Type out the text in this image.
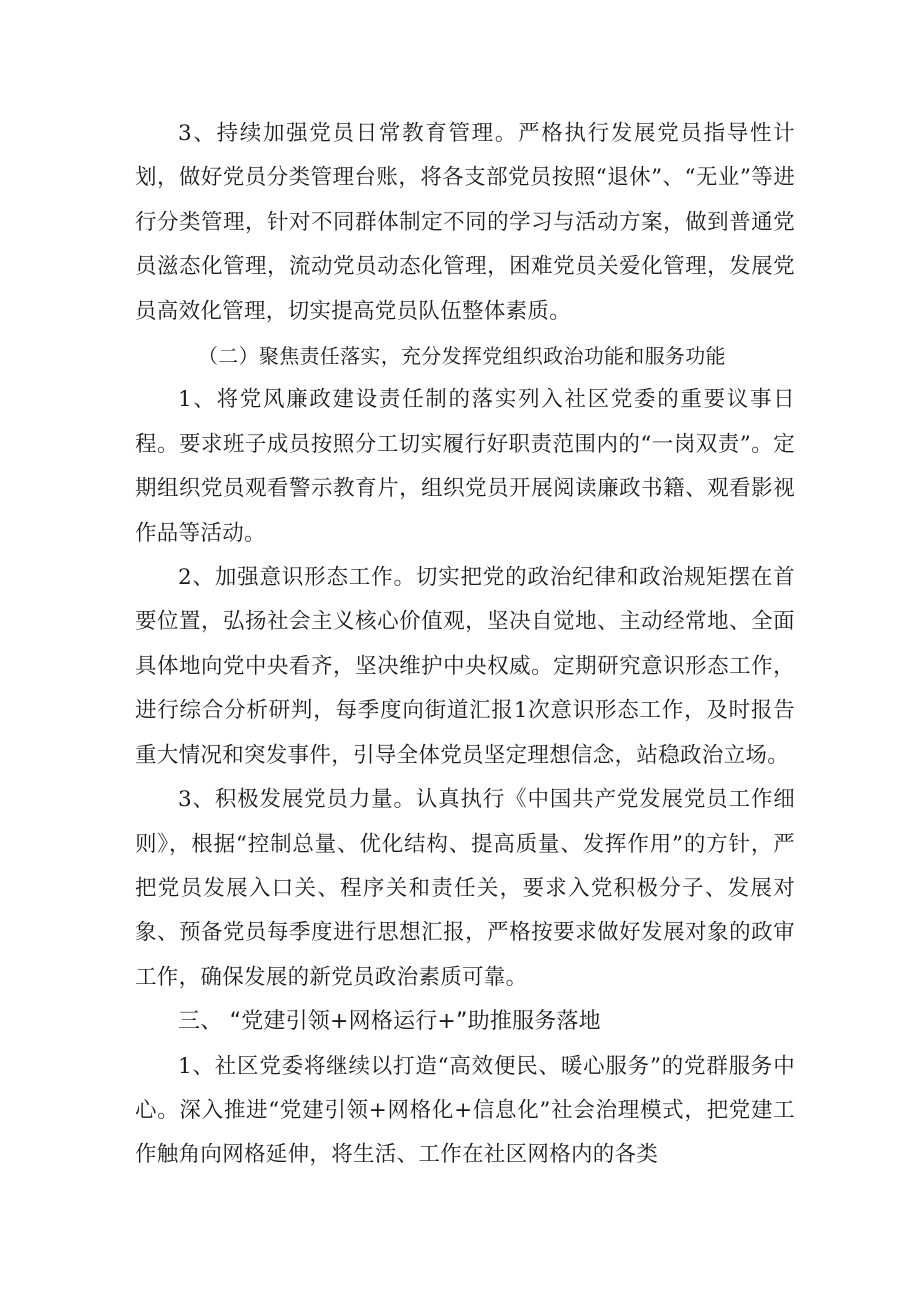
3、持续加强党员日常教育管理。严格执行发展党员指导性计划，做好党员分类管理台账，将各支部党员按照“退休”、“无业”等进行分类管理，针对不同群体制定不同的学习与活动方案，做到普通党员滋态化管理，流动党员动态化管理，困难党员关爱化管理，发展党员高效化管理，切实提高党员队伍整体素质。

（二）聚焦责任落实，充分发挥党组织政治功能和服务功能

1、将党风廉政建设责任制的落实列入社区党委的重要议事日程。要求班子成员按照分工切实履行好职责范围内的“一岗双责”。定期组织党员观看警示教育片，组织党员开展阅读廉政书籍、观看影视作品等活动。

2、加强意识形态工作。切实把党的政治纪律和政治规矩摆在首要位置，弘扬社会主义核心价值观，坚决自觉地、主动经常地、全面具体地向党中央看齐，坚决维护中央权威。定期研究意识形态工作，进行综合分析研判，每季度向街道汇报1次意识形态工作，及时报告重大情况和突发事件，引导全体党员坚定理想信念，站稳政治立场。

3、积极发展党员力量。认真执行《中国共产党发展党员工作细则》，根据“控制总量、优化结构、提高质量、发挥作用”的方针，严把党员发展入口关、程序关和责任关，要求入党积极分子、发展对象、预备党员每季度进行思想汇报，严格按要求做好发展对象的政审工作，确保发展的新党员政治素质可靠。

三、 “党建引领+网格运行+”助推服务落地

1、社区党委将继续以打造“高效便民、暖心服务”的党群服务中心。深入推进“党建引领+网格化+信息化”社会治理模式，把党建工作触角向网格延伸，将生活、工作在社区网格内的各类
